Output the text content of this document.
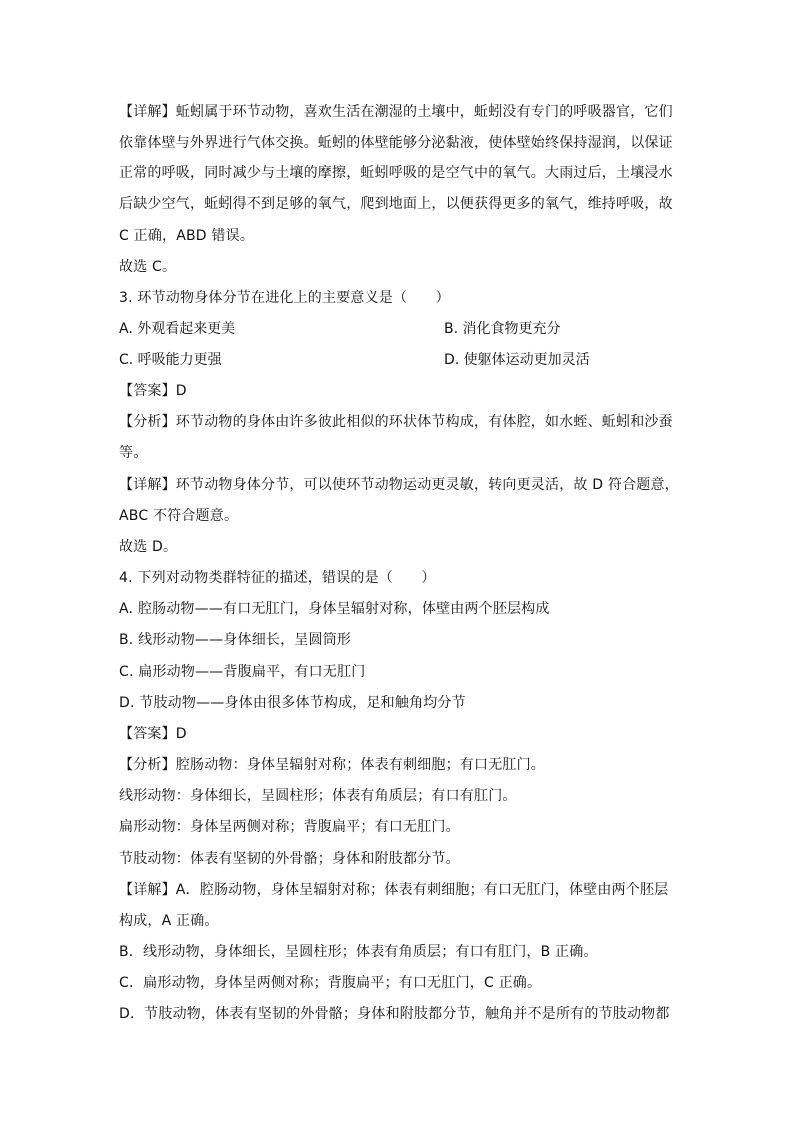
【详解】蚯蚓属于环节动物，喜欢生活在潮湿的土壤中，蚯蚓没有专门的呼吸器官，它们
依靠体壁与外界进行气体交换。蚯蚓的体壁能够分泌黏液，使体壁始终保持湿润，以保证
正常的呼吸，同时减少与土壤的摩擦，蚯蚓呼吸的是空气中的氧气。大雨过后，土壤浸水
后缺少空气，蚯蚓得不到足够的氧气，爬到地面上，以便获得更多的氧气，维持呼吸，故
C 正确，ABD 错误。
故选 C。
3. 环节动物身体分节在进化上的主要意义是（　　）
A. 外观看起来更美	B. 消化食物更充分
C. 呼吸能力更强	D. 使躯体运动更加灵活
【答案】D
【分析】环节动物的身体由许多彼此相似的环状体节构成，有体腔，如水蛭、蚯蚓和沙蚕
等。
【详解】环节动物身体分节，可以使环节动物运动更灵敏，转向更灵活，故 D 符合题意，
ABC 不符合题意。
故选 D。
4. 下列对动物类群特征的描述，错误的是（　　）
A. 腔肠动物——有口无肛门，身体呈辐射对称，体壁由两个胚层构成
B. 线形动物——身体细长，呈圆筒形
C. 扁形动物——背腹扁平，有口无肛门
D. 节肢动物——身体由很多体节构成，足和触角均分节
【答案】D
【分析】腔肠动物：身体呈辐射对称；体表有刺细胞；有口无肛门。
线形动物：身体细长，呈圆柱形；体表有角质层；有口有肛门。
扁形动物：身体呈两侧对称；背腹扁平；有口无肛门。
节肢动物：体表有坚韧的外骨骼；身体和附肢都分节。
【详解】A．腔肠动物，身体呈辐射对称；体表有刺细胞；有口无肛门，体壁由两个胚层
构成，A 正确。
B．线形动物，身体细长，呈圆柱形；体表有角质层；有口有肛门，B 正确。
C．扁形动物，身体呈两侧对称；背腹扁平；有口无肛门，C 正确。
D．节肢动物，体表有坚韧的外骨骼；身体和附肢都分节，触角并不是所有的节肢动物都
